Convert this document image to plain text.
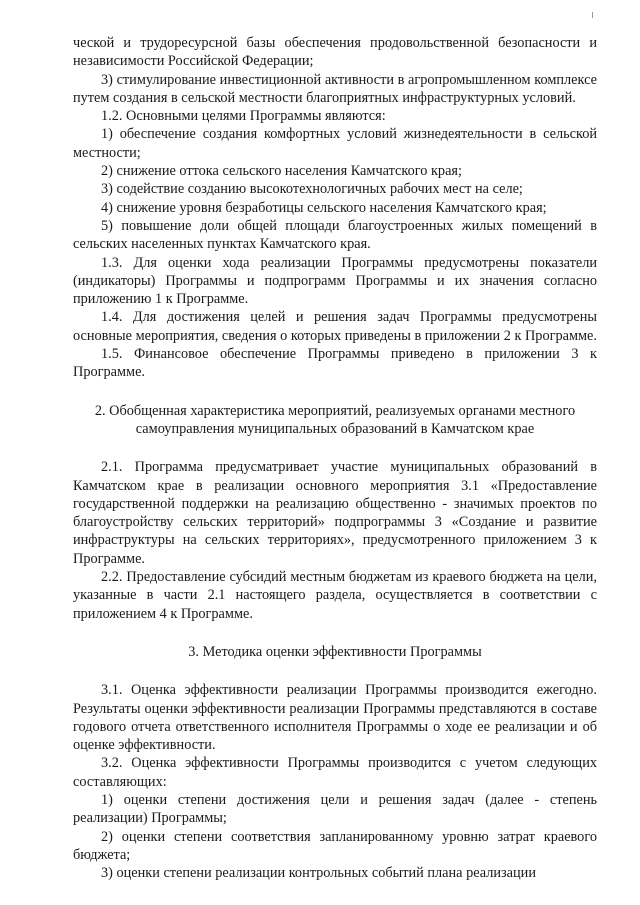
ческой и трудоресурсной базы обеспечения продовольственной безопасности и независимости Российской Федерации;

3) стимулирование инвестиционной активности в агропромышленном комплексе путем создания в сельской местности благоприятных инфраструктурных условий.

1.2. Основными целями Программы являются:

1) обеспечение создания комфортных условий жизнедеятельности в сельской местности;

2) снижение оттока сельского населения Камчатского края;

3) содействие созданию высокотехнологичных рабочих мест на селе;

4) снижение уровня безработицы сельского населения Камчатского края;

5) повышение доли общей площади благоустроенных жилых помещений в сельских населенных пунктах Камчатского края.

1.3. Для оценки хода реализации Программы предусмотрены показатели (индикаторы) Программы и подпрограмм Программы и их значения согласно приложению 1 к Программе.

1.4. Для достижения целей и решения задач Программы предусмотрены основные мероприятия, сведения о которых приведены в приложении 2 к Программе.

1.5. Финансовое обеспечение Программы приведено в приложении 3 к Программе.

2. Обобщенная характеристика мероприятий, реализуемых органами местного самоуправления муниципальных образований в Камчатском крае

2.1. Программа предусматривает участие муниципальных образований в Камчатском крае в реализации основного мероприятия 3.1 «Предоставление государственной поддержки на реализацию общественно - значимых проектов по благоустройству сельских территорий» подпрограммы 3 «Создание и развитие инфраструктуры на сельских территориях», предусмотренного приложением 3 к Программе.

2.2. Предоставление субсидий местным бюджетам из краевого бюджета на цели, указанные в части 2.1 настоящего раздела, осуществляется в соответствии с приложением 4 к Программе.

3. Методика оценки эффективности Программы

3.1. Оценка эффективности реализации Программы производится ежегодно. Результаты оценки эффективности реализации Программы представляются в составе годового отчета ответственного исполнителя Программы о ходе ее реализации и об оценке эффективности.

3.2. Оценка эффективности Программы производится с учетом следующих составляющих:

1) оценки степени достижения цели и решения задач (далее - степень реализации) Программы;

2) оценки степени соответствия запланированному уровню затрат краевого бюджета;

3) оценки степени реализации контрольных событий плана реализации
